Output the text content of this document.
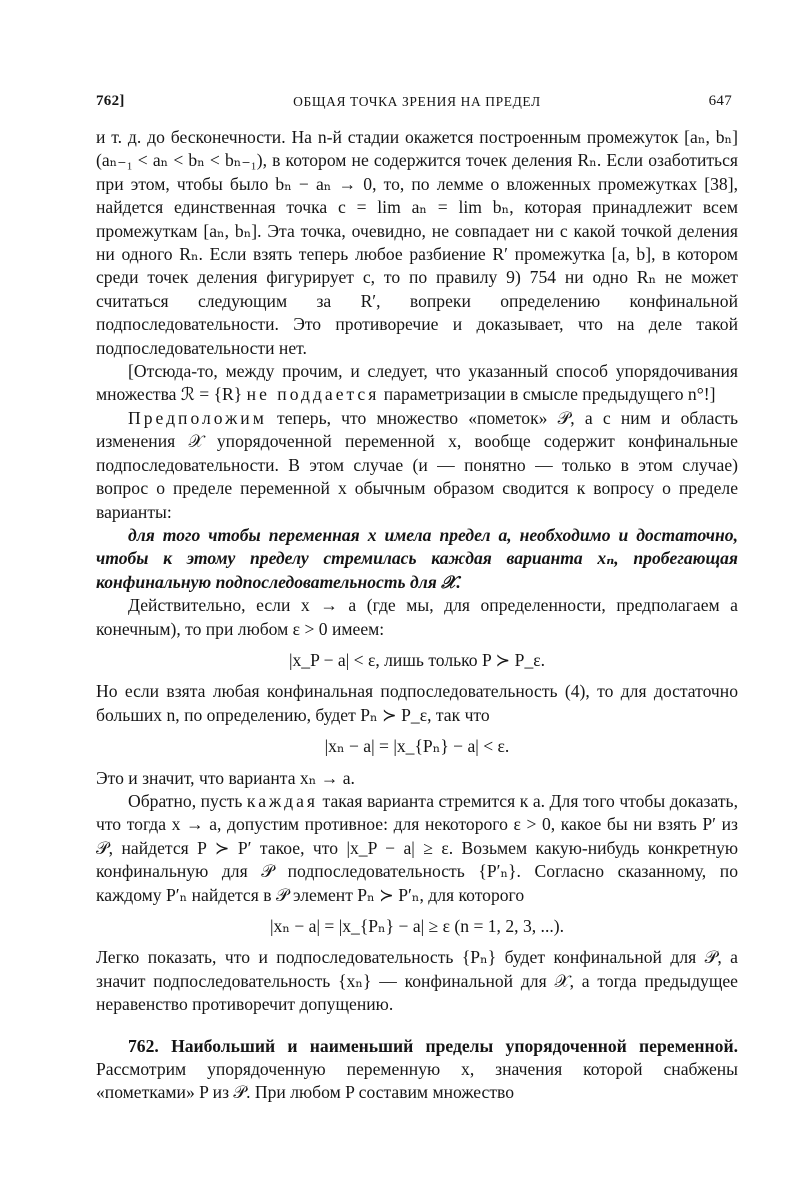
762]	ОБЩАЯ ТОЧКА ЗРЕНИЯ НА ПРЕДЕЛ	647

и т. д. до бесконечности. На n-й стадии окажется построенным промежуток [aₙ, bₙ] (aₙ₋₁ < aₙ < bₙ < bₙ₋₁), в котором не содержится точек деления Rₙ. Если озаботиться при этом, чтобы было bₙ − aₙ → 0, то, по лемме о вложенных промежутках [38], найдется единственная точка c = lim aₙ = lim bₙ, которая принадлежит всем промежуткам [aₙ, bₙ]. Эта точка, очевидно, не совпадает ни с какой точкой деления ни одного Rₙ. Если взять теперь любое разбиение R′ промежутка [a, b], в котором среди точек деления фигурирует c, то по правилу 9) 754 ни одно Rₙ не может считаться следующим за R′, вопреки определению конфинальной подпоследовательности. Это противоречие и доказывает, что на деле такой подпоследовательности нет.

[Отсюда-то, между прочим, и следует, что указанный способ упорядочивания множества ℛ = {R} не поддается параметризации в смысле предыдущего n°!]

Предположим теперь, что множество «пометок» 𝒫, а с ним и область изменения 𝒳 упорядоченной переменной x, вообще содержит конфинальные подпоследовательности. В этом случае (и — понятно — только в этом случае) вопрос о пределе переменной x обычным образом сводится к вопросу о пределе варианты:

для того чтобы переменная x имела предел a, необходимо и достаточно, чтобы к этому пределу стремилась каждая варианта xₙ, пробегающая конфинальную подпоследовательность для 𝒳.

Действительно, если x → a (где мы, для определенности, предполагаем a конечным), то при любом ε > 0 имеем:

|x_P − a| < ε, лишь только P ≻ P_ε.

Но если взята любая конфинальная подпоследовательность (4), то для достаточно больших n, по определению, будет Pₙ ≻ P_ε, так что

|xₙ − a| = |x_{Pₙ} − a| < ε.

Это и значит, что варианта xₙ → a.

Обратно, пусть каждая такая варианта стремится к a. Для того чтобы доказать, что тогда x → a, допустим противное: для некоторого ε > 0, какое бы ни взять P′ из 𝒫, найдется P ≻ P′ такое, что |x_P − a| ≥ ε. Возьмем какую-нибудь конкретную конфинальную для 𝒫 подпоследовательность {P′ₙ}. Согласно сказанному, по каждому P′ₙ найдется в 𝒫 элемент Pₙ ≻ P′ₙ, для которого

|xₙ − a| = |x_{Pₙ} − a| ≥ ε (n = 1, 2, 3, ...).

Легко показать, что и подпоследовательность {Pₙ} будет конфинальной для 𝒫, а значит подпоследовательность {xₙ} — конфинальной для 𝒳, а тогда предыдущее неравенство противоречит допущению.

762. Наибольший и наименьший пределы упорядоченной переменной. Рассмотрим упорядоченную переменную x, значения которой снабжены «пометками» P из 𝒫. При любом P составим множество
